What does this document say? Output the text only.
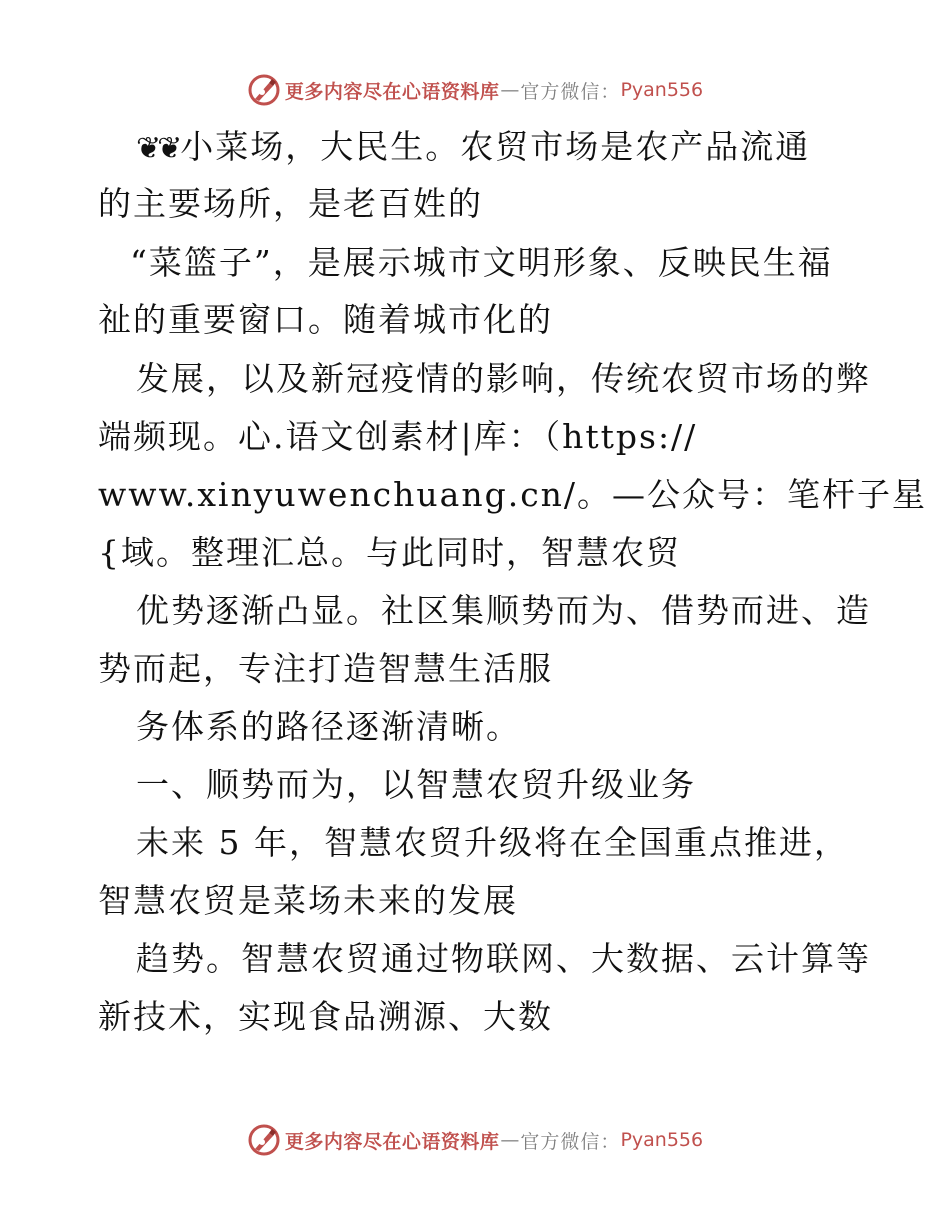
更多内容尽在心语资料库 — 官方微信： Pyan556
❦❦小菜场，大民生。农贸市场是农产品流通
的主要场所，是老百姓的
“菜篮子”，是展示城市文明形象、反映民生福
祉的重要窗口。随着城市化的
发展，以及新冠疫情的影响，传统农贸市场的弊
端频现。心.语文创素材|库：（https://
www.xinyuwenchuang.cn/。—公众号：笔杆子星
{域。整理汇总。与此同时，智慧农贸
优势逐渐凸显。社区集顺势而为、借势而进、造
势而起，专注打造智慧生活服
务体系的路径逐渐清晰。
一、顺势而为，以智慧农贸升级业务
未来 5 年，智慧农贸升级将在全国重点推进，
智慧农贸是菜场未来的发展
趋势。智慧农贸通过物联网、大数据、云计算等
新技术，实现食品溯源、大数
更多内容尽在心语资料库 — 官方微信： Pyan556
